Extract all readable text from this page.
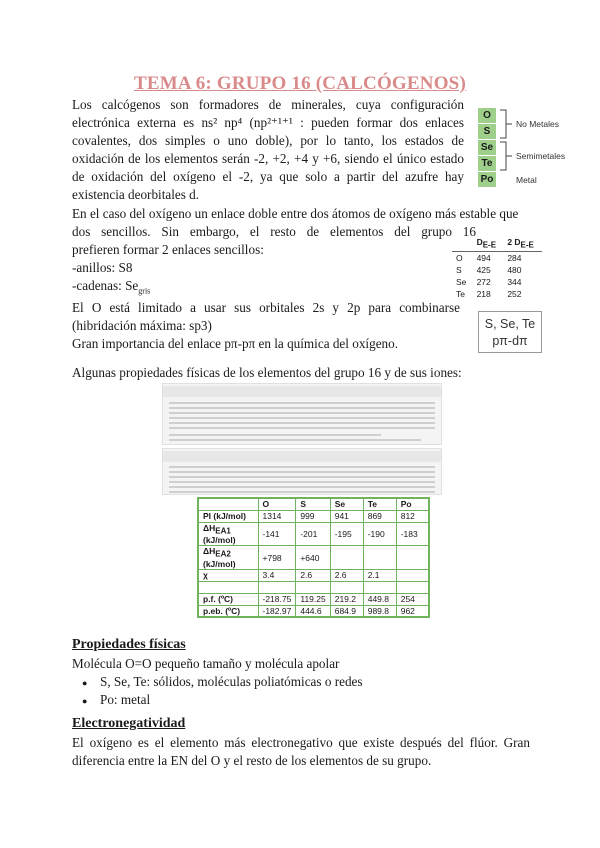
TEMA 6: GRUPO 16 (CALCÓGENOS)
Los calcógenos son formadores de minerales, cuya configuración
electrónica externa es ns² np⁴ (np²⁺¹⁺¹ : pueden formar dos enlaces
covalentes, dos simples o uno doble), por lo tanto, los estados de
oxidación de los elementos serán -2, +2, +4 y +6, siendo el único estado
de oxidación del oxígeno el -2, ya que solo a partir del azufre hay
existencia deorbitales d.
O
S
Se
Te
Po
No Metales
Semimetales
Metal
En el caso del oxígeno un enlace doble entre dos átomos de oxígeno más estable que
dos sencillos. Sin embargo, el resto de elementos del grupo 16
prefieren formar 2 enlaces sencillos:
-anillos: S8
-cadenas: $Se_{gris}$
	$D_{E-E}$	2 $D_{E-E}$
O	494	284
S	425	480
Se	272	344
Te	218	252
S, Se, Te
pπ-dπ
El O está limitado a usar sus orbitales 2s y 2p para combinarse
(hibridación máxima: sp3)
Gran importancia del enlace pπ-pπ en la química del oxígeno.
Algunas propiedades físicas de los elementos del grupo 16 y de sus iones:
	O	S	Se	Te	Po
PI (kJ/mol)	1314	999	941	869	812
$\Delta H_{EA1}$ (kJ/mol)	-141	-201	-195	-190	-183
$\Delta H_{EA2}$ (kJ/mol)	+798	+640			
χ	3.4	2.6	2.6	2.1	

p.f. (ºC)	-218.75	119.25	219.2	449.8	254
p.eb. (ºC)	-182.97	444.6	684.9	989.8	962
Propiedades físicas
Molécula O=O pequeño tamaño y molécula apolar
● S, Se, Te: sólidos, moléculas poliatómicas o redes
● Po: metal
Electronegatividad
El oxígeno es el elemento más electronegativo que existe después del flúor. Gran
diferencia entre la EN del O y el resto de los elementos de su grupo.
